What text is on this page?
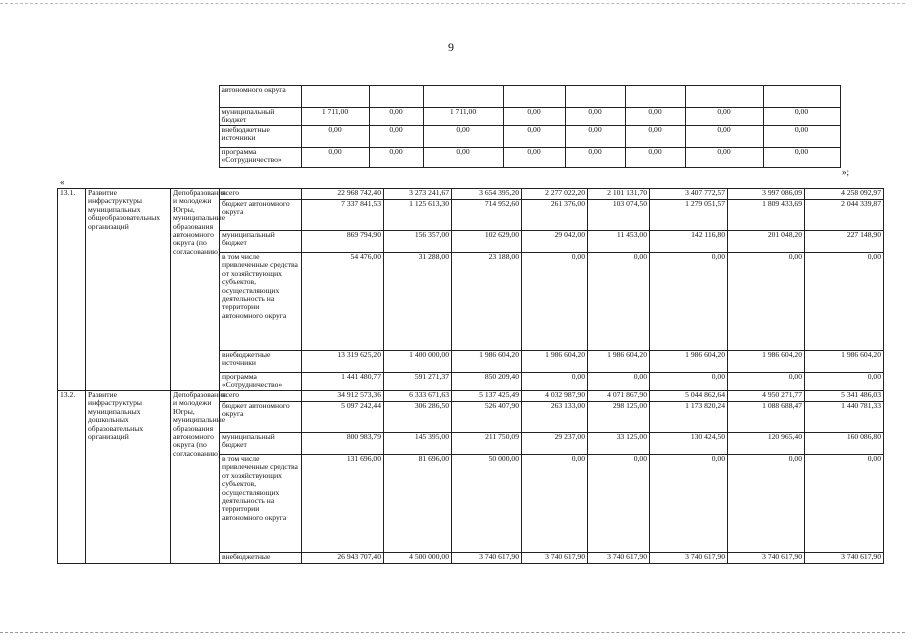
9
	автономного округа								
	муниципальный бюджет	1 711,00	0,00	1 711,00	0,00	0,00	0,00	0,00	0,00
	внебюджетные источники	0,00	0,00	0,00	0,00	0,00	0,00	0,00	0,00
	программа «Сотрудничество»	0,00	0,00	0,00	0,00	0,00	0,00	0,00	0,00
»;
«
13.1.	Развитие инфраструктуры муниципальных общеобразовательных организаций	Депобразования и молодежи Югры, муниципальные образования автономного округа (по согласованию)	всего	22 968 742,40	3 273 241,67	3 654 395,20	2 277 022,20	2 101 131,70	3 407 772,57	3 997 086,09	4 258 092,97
			бюджет автономного округа	7 337 841,53	1 125 613,30	714 952,60	261 376,00	103 074,50	1 279 051,57	1 809 433,69	2 044 339,87
			муниципальный бюджет	869 794,90	156 357,00	102 629,00	29 042,00	11 453,00	142 116,80	201 048,20	227 148,90
			в том числе привлеченные средства от хозяйствующих субъектов, осуществляющих деятельность на территории автономного округа	54 476,00	31 288,00	23 188,00	0,00	0,00	0,00	0,00	0,00
			внебюджетные источники	13 319 625,20	1 400 000,00	1 986 604,20	1 986 604,20	1 986 604,20	1 986 604,20	1 986 604,20	1 986 604,20
			программа «Сотрудничество»	1 441 480,77	591 271,37	850 209,40	0,00	0,00	0,00	0,00	0,00
13.2.	Развитие инфраструктуры муниципальных дошкольных образовательных организаций	Депобразования и молодежи Югры, муниципальные образования автономного округа (по согласованию)	всего	34 912 573,36	6 333 671,63	5 137 425,49	4 032 987,90	4 071 867,90	5 044 862,64	4 950 271,77	5 341 486,03
			бюджет автономного округа	5 097 242,44	306 286,50	526 407,90	263 133,00	298 125,00	1 173 820,24	1 088 688,47	1 440 781,33
			муниципальный бюджет	800 983,79	145 395,00	211 750,09	29 237,00	33 125,00	130 424,50	120 965,40	160 086,80
			в том числе привлеченные средства от хозяйствующих субъектов, осуществляющих деятельность на территории автономного округа	131 696,00	81 696,00	50 000,00	0,00	0,00	0,00	0,00	0,00
			внебюджетные	26 943 707,40	4 500 000,00	3 740 617,90	3 740 617,90	3 740 617,90	3 740 617,90	3 740 617,90	3 740 617,90
